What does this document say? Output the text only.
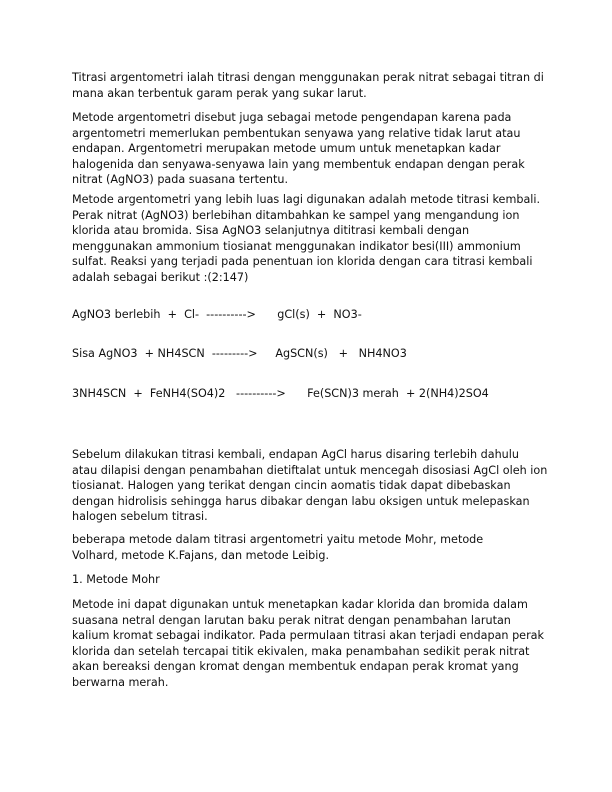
Titrasi argentometri ialah titrasi dengan menggunakan perak nitrat sebagai titran di
mana akan terbentuk garam perak yang sukar larut.
Metode argentometri disebut juga sebagai metode pengendapan karena pada
argentometri memerlukan pembentukan senyawa yang relative tidak larut atau
endapan. Argentometri merupakan metode umum untuk menetapkan kadar
halogenida dan senyawa-senyawa lain yang membentuk endapan dengan perak
nitrat (AgNO3) pada suasana tertentu.
Metode argentometri yang lebih luas lagi digunakan adalah metode titrasi kembali.
Perak nitrat (AgNO3) berlebihan ditambahkan ke sampel yang mengandung ion
klorida atau bromida. Sisa AgNO3 selanjutnya dititrasi kembali dengan
menggunakan ammonium tiosianat menggunakan indikator besi(III) ammonium
sulfat. Reaksi yang terjadi pada penentuan ion klorida dengan cara titrasi kembali
adalah sebagai berikut :(2:147)
AgNO3 berlebih  +  Cl-  ---------->      gCl(s)  +  NO3-
Sisa AgNO3  + NH4SCN  --------->     AgSCN(s)   +   NH4NO3
3NH4SCN  +  FeNH4(SO4)2   ---------->      Fe(SCN)3 merah  + 2(NH4)2SO4
Sebelum dilakukan titrasi kembali, endapan AgCl harus disaring terlebih dahulu
atau dilapisi dengan penambahan dietiftalat untuk mencegah disosiasi AgCl oleh ion
tiosianat. Halogen yang terikat dengan cincin aomatis tidak dapat dibebaskan
dengan hidrolisis sehingga harus dibakar dengan labu oksigen untuk melepaskan
halogen sebelum titrasi.
beberapa metode dalam titrasi argentometri yaitu metode Mohr, metode
Volhard, metode K.Fajans, dan metode Leibig.
1. Metode Mohr
Metode ini dapat digunakan untuk menetapkan kadar klorida dan bromida dalam
suasana netral dengan larutan baku perak nitrat dengan penambahan larutan
kalium kromat sebagai indikator. Pada permulaan titrasi akan terjadi endapan perak
klorida dan setelah tercapai titik ekivalen, maka penambahan sedikit perak nitrat
akan bereaksi dengan kromat dengan membentuk endapan perak kromat yang
berwarna merah.
